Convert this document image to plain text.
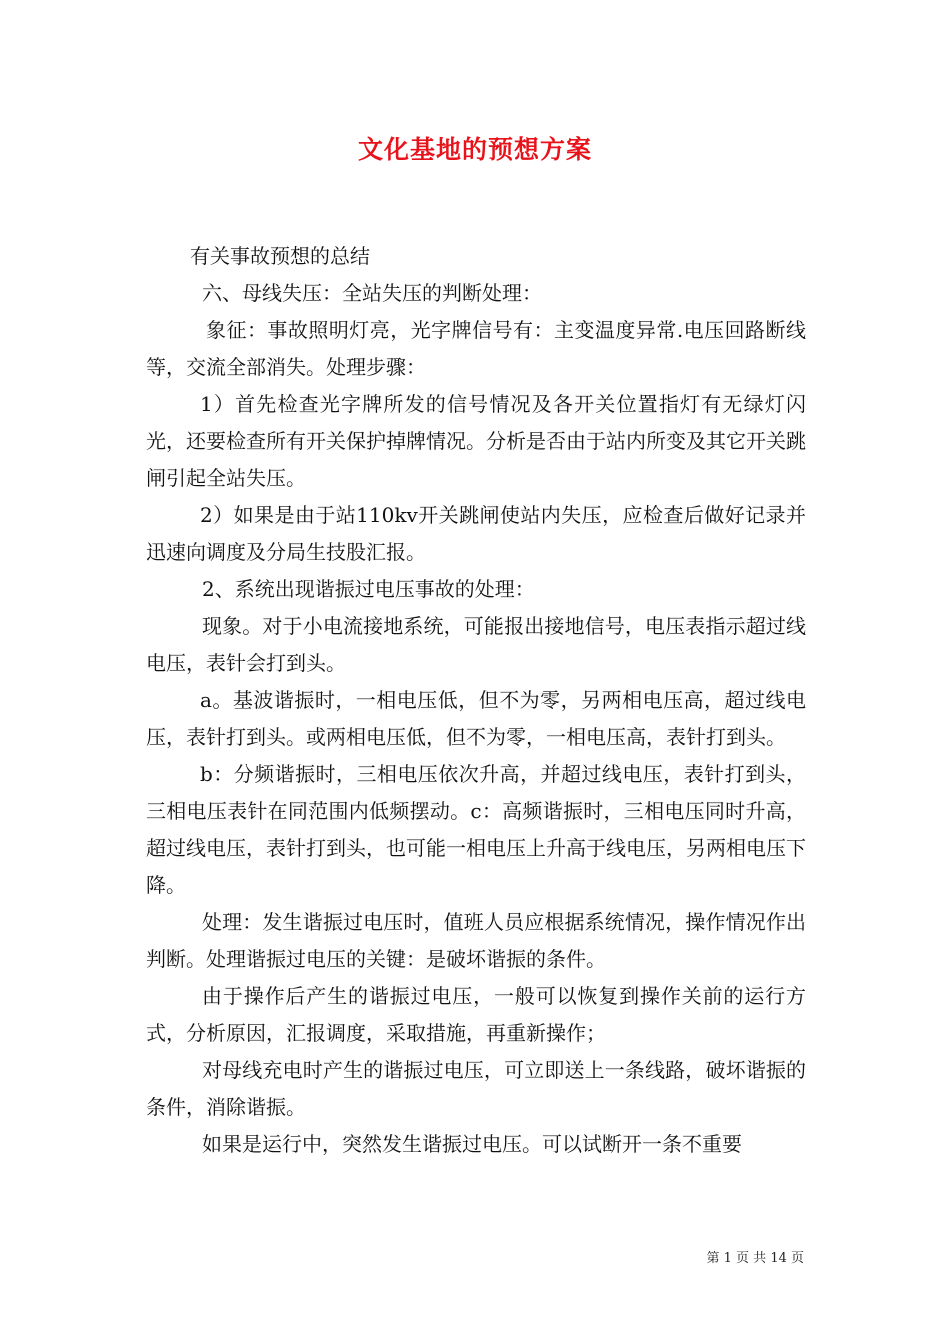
文化基地的预想方案

有关事故预想的总结

六、母线失压：全站失压的判断处理：

象征：事故照明灯亮，光字牌信号有：主变温度异常.电压回路断线等，交流全部消失。处理步骤：

1）首先检查光字牌所发的信号情况及各开关位置指灯有无绿灯闪光，还要检查所有开关保护掉牌情况。分析是否由于站内所变及其它开关跳闸引起全站失压。

2）如果是由于站110kv开关跳闸使站内失压，应检查后做好记录并迅速向调度及分局生技股汇报。

2、系统出现谐振过电压事故的处理：

现象。对于小电流接地系统，可能报出接地信号，电压表指示超过线电压，表针会打到头。

a。基波谐振时，一相电压低，但不为零，另两相电压高，超过线电压，表针打到头。或两相电压低，但不为零，一相电压高，表针打到头。

b：分频谐振时，三相电压依次升高，并超过线电压，表针打到头，三相电压表针在同范围内低频摆动。c：高频谐振时，三相电压同时升高，超过线电压，表针打到头，也可能一相电压上升高于线电压，另两相电压下降。

处理：发生谐振过电压时，值班人员应根据系统情况，操作情况作出判断。处理谐振过电压的关键：是破坏谐振的条件。

由于操作后产生的谐振过电压，一般可以恢复到操作关前的运行方式，分析原因，汇报调度，采取措施，再重新操作；

对母线充电时产生的谐振过电压，可立即送上一条线路，破坏谐振的条件，消除谐振。

如果是运行中，突然发生谐振过电压。可以试断开一条不重要

第 1 页 共 14 页
